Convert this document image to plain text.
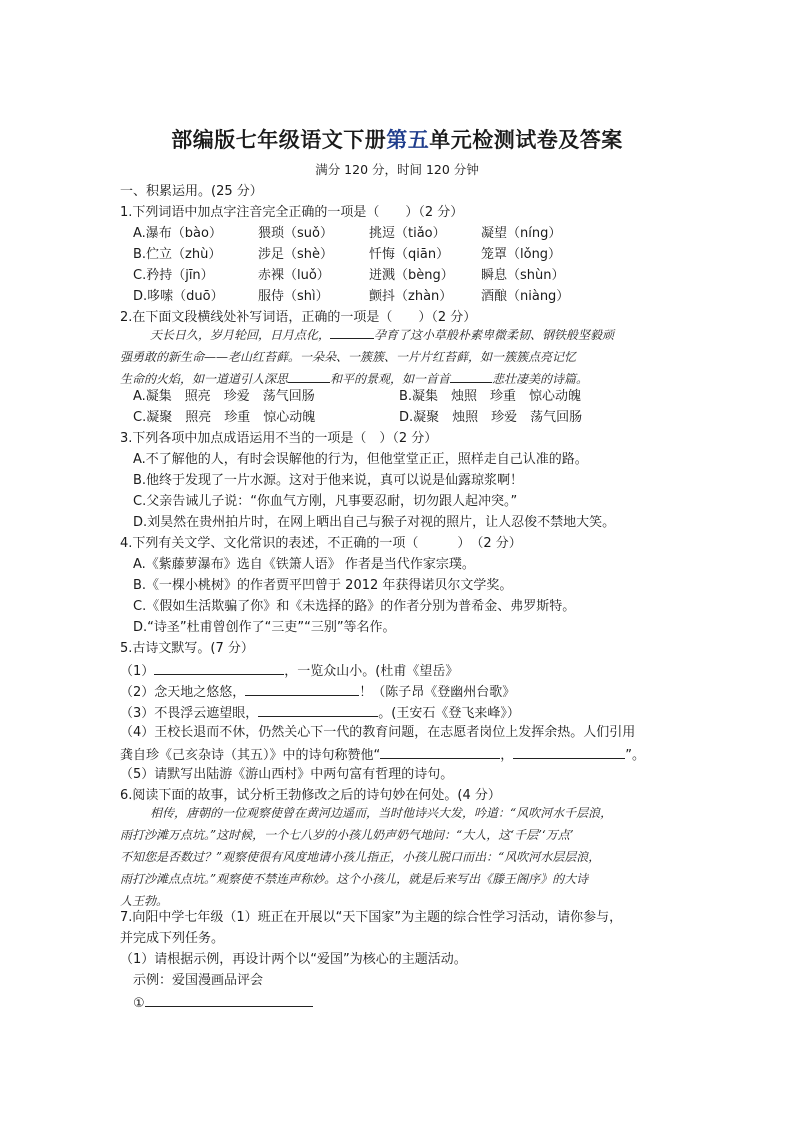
部编版七年级语文下册第五单元检测试卷及答案
满分 120 分，时间 120 分钟
一、积累运用。(25 分）
1.下列词语中加点字注音完全正确的一项是（　　）（2 分）
A.瀑布（bào）	猥琐（suǒ）	挑逗（tiǎo）	凝望（níng）
B.伫立（zhù）	涉足（shè）	忏悔（qiān） 笼罩（lǒng）
C.矜持（jīn）	赤裸（luǒ）	迸溅（bèng） 瞬息（shùn）
D.哆嗦（duō）	服侍（shì）	颤抖（zhàn） 酒酿（niàng）
2.在下面文段横线处补写词语，正确的一项是（　　）（2 分）
天长日久，岁月轮回，日月点化，	孕育了这小草般朴素卑微柔韧、钢铁般坚毅顽
强勇敢的新生命——老山红苔藓。一朵朵、一簇簇、一片片红苔藓，如一簇簇点亮记忆
生命的火焰，如一道道引人深思	和平的景观，如一首首	悲壮凄美的诗篇。
A.凝集　照亮　珍爱　荡气回肠	B.凝集　烛照　珍重　惊心动魄
C.凝聚　照亮　珍重　惊心动魄	D.凝聚　烛照　珍爱　荡气回肠
3.下列各项中加点成语运用不当的一项是（　）（2 分）
A.不了解他的人，有时会误解他的行为，但他堂堂正正，照样走自己认准的路。
B.他终于发现了一片水源。这对于他来说，真可以说是仙露琼浆啊！
C.父亲告诫儿子说：“你血气方刚，凡事要忍耐，切勿跟人起冲突。”
D.刘昊然在贵州拍片时，在网上晒出自己与猴子对视的照片，让人忍俊不禁地大笑。
4.下列有关文学、文化常识的表述，不正确的一项（　　　）　（2 分）
A.《紫藤萝瀑布》选自《铁箫人语》 作者是当代作家宗璞。
B.《一棵小桃树》的作者贾平凹曾于 2012 年获得诺贝尔文学奖。
C.《假如生活欺骗了你》和《未选择的路》的作者分别为普希金、弗罗斯特。
D.“诗圣”杜甫曾创作了“三吏”“三别”等名作。
5.古诗文默写。(7 分）
（1）	，一览众山小。(杜甫《望岳》
（2）念天地之悠悠，	！（陈子昂《登幽州台歌》
（3）不畏浮云遮望眼，	。(王安石《登飞来峰》）
（4）王校长退而不休，仍然关心下一代的教育问题，在志愿者岗位上发挥余热。人们引用
龚自珍《己亥杂诗（其五）》中的诗句称赞他“	，	”。
（5）请默写出陆游《游山西村》中两句富有哲理的诗句。
6.阅读下面的故事，试分析王勃修改之后的诗句妙在何处。(4 分）
相传，唐朝的一位观察使曾在黄河边遥而，当时他诗兴大发，吟道：“风吹河水千层浪，
雨打沙滩万点坑。”这时候，一个七八岁的小孩儿奶声奶气地问：“大人，这‘千层’‘万点’
不知您是否数过？”观察使很有风度地请小孩儿指正，小孩儿脱口而出：“风吹河水层层浪，
雨打沙滩点点坑。”观察使不禁连声称妙。这个小孩儿，就是后来写出《滕王阁序》的大诗
人王勃。
7.向阳中学七年级（1）班正在开展以“天下国家”为主题的综合性学习活动，请你参与，
并完成下列任务。
（1）请根据示例，再设计两个以“爱国”为核心的主题活动。
示例：爱国漫画品评会
①
